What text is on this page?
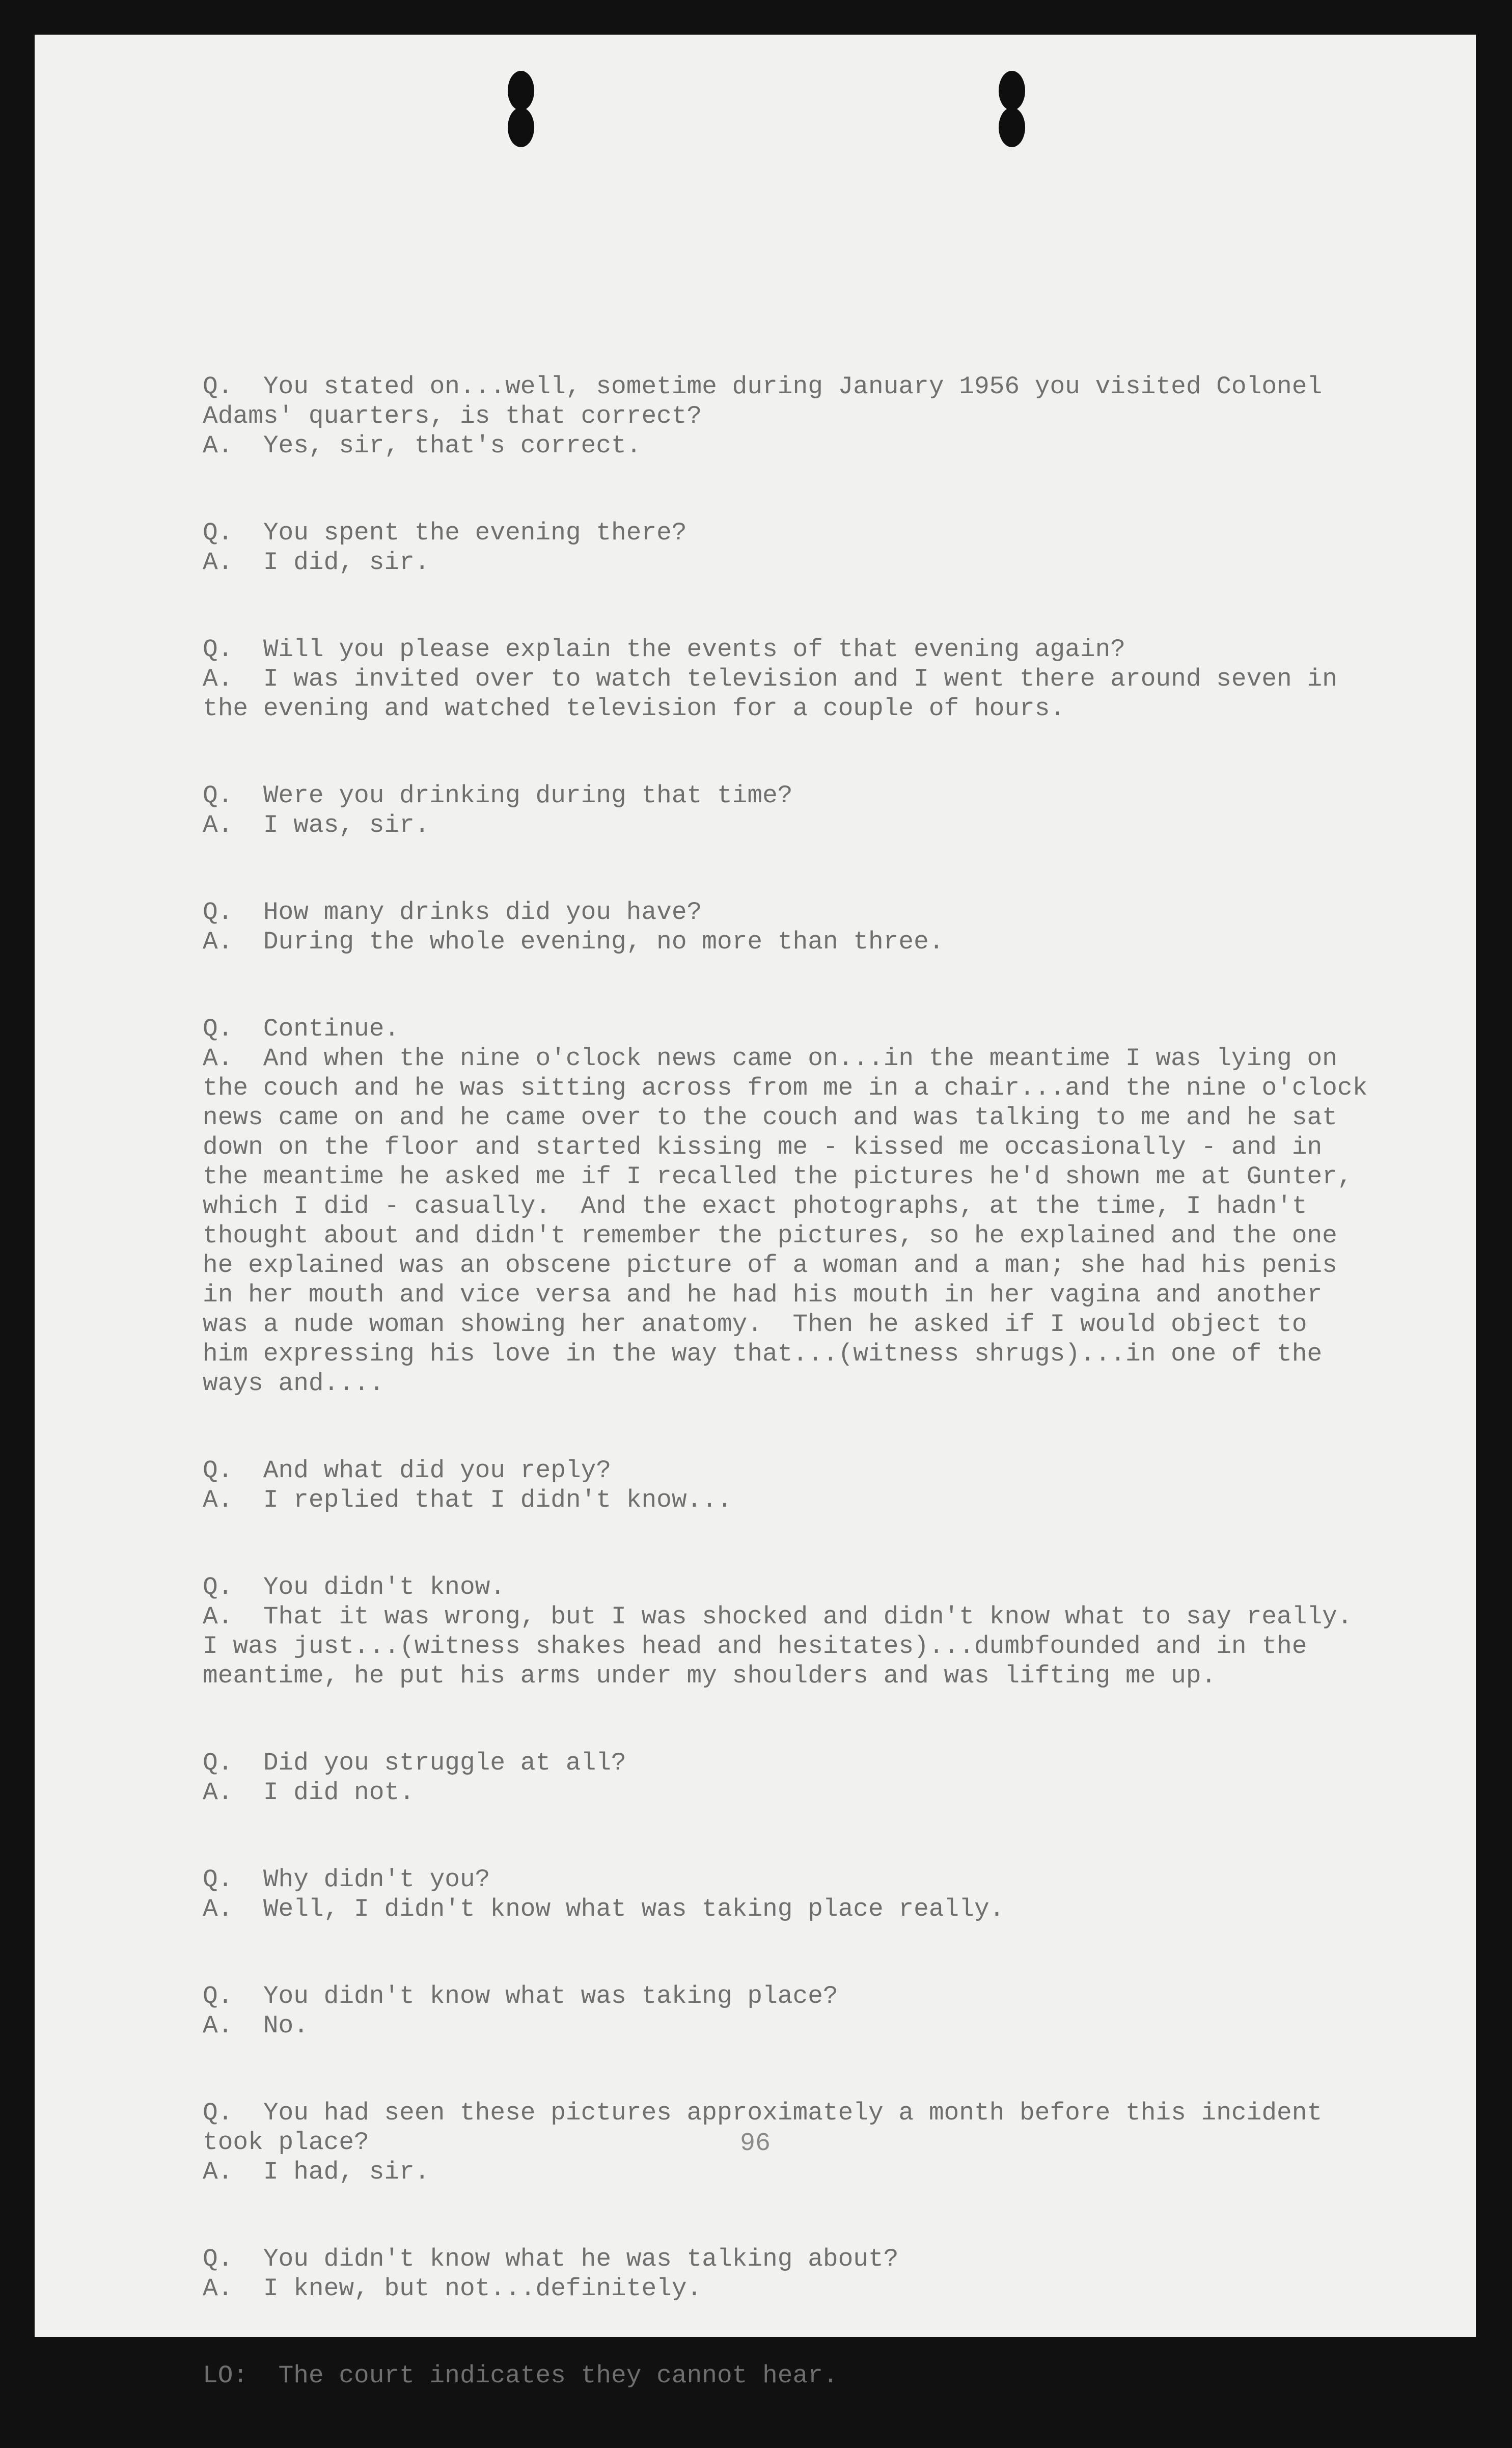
Q.  You stated on...well, sometime during January 1956 you visited Colonel
Adams' quarters, is that correct?
A.  Yes, sir, that's correct.
Q.  You spent the evening there?
A.  I did, sir.
Q.  Will you please explain the events of that evening again?
A.  I was invited over to watch television and I went there around seven in
the evening and watched television for a couple of hours.
Q.  Were you drinking during that time?
A.  I was, sir.
Q.  How many drinks did you have?
A.  During the whole evening, no more than three.
Q.  Continue.
A.  And when the nine o'clock news came on...in the meantime I was lying on
the couch and he was sitting across from me in a chair...and the nine o'clock
news came on and he came over to the couch and was talking to me and he sat
down on the floor and started kissing me - kissed me occasionally - and in
the meantime he asked me if I recalled the pictures he'd shown me at Gunter,
which I did - casually.  And the exact photographs, at the time, I hadn't
thought about and didn't remember the pictures, so he explained and the one
he explained was an obscene picture of a woman and a man; she had his penis
in her mouth and vice versa and he had his mouth in her vagina and another
was a nude woman showing her anatomy.  Then he asked if I would object to
him expressing his love in the way that...(witness shrugs)...in one of the
ways and....
Q.  And what did you reply?
A.  I replied that I didn't know...
Q.  You didn't know.
A.  That it was wrong, but I was shocked and didn't know what to say really.
I was just...(witness shakes head and hesitates)...dumbfounded and in the
meantime, he put his arms under my shoulders and was lifting me up.
Q.  Did you struggle at all?
A.  I did not.
Q.  Why didn't you?
A.  Well, I didn't know what was taking place really.
Q.  You didn't know what was taking place?
A.  No.
Q.  You had seen these pictures approximately a month before this incident
took place?
A.  I had, sir.
Q.  You didn't know what he was talking about?
A.  I knew, but not...definitely.
LO:  The court indicates they cannot hear.
96
